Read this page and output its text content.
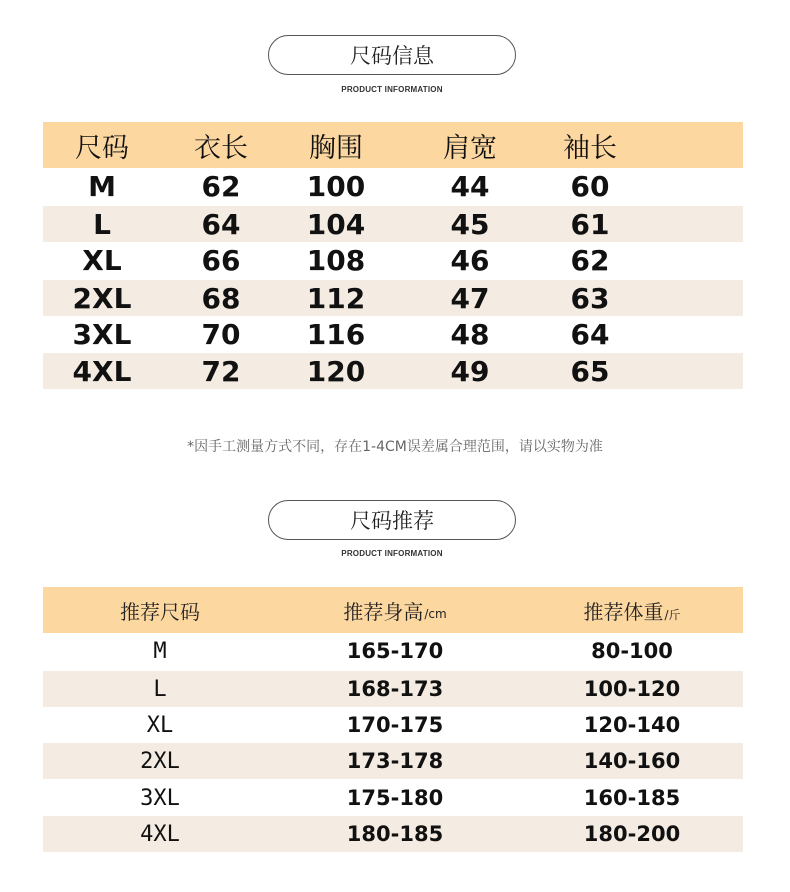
尺码信息
PRODUCT INFORMATION
尺码	衣长	胸围	肩宽	袖长
M	62	100	44	60
L	64	104	45	61
XL	66	108	46	62
2XL	68	112	47	63
3XL	70	116	48	64
4XL	72	120	49	65
*因手工测量方式不同，存在1-4CM误差属合理范围，请以实物为准
尺码推荐
PRODUCT INFORMATION
推荐尺码	推荐身高 /cm	推荐体重 /斤
M	165-170	80-100
L	168-173	100-120
XL	170-175	120-140
2XL	173-178	140-160
3XL	175-180	160-185
4XL	180-185	180-200
